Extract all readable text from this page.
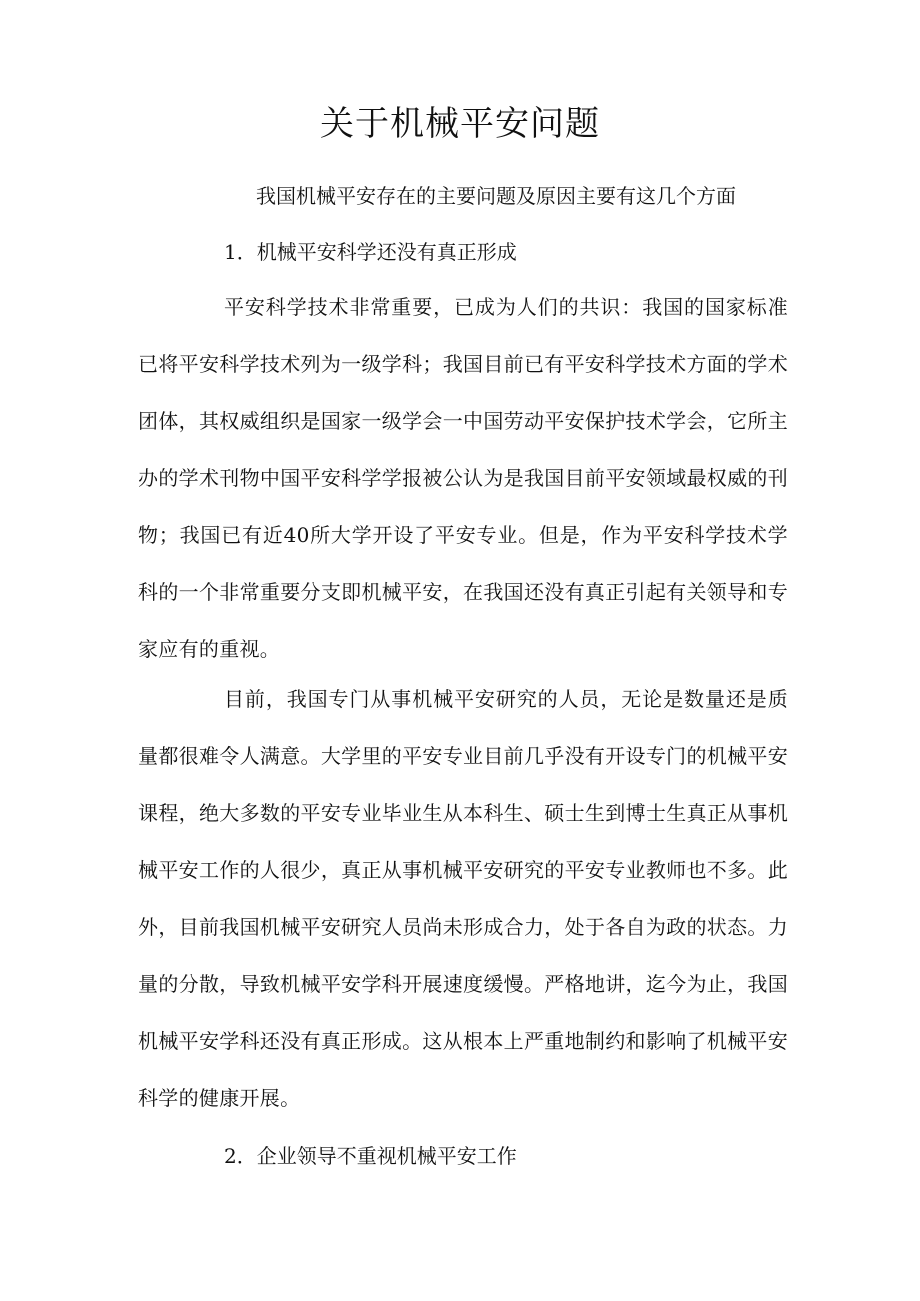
关于机械平安问题
我国机械平安存在的主要问题及原因主要有这几个方面
1．机械平安科学还没有真正形成
平安科学技术非常重要，已成为人们的共识：我国的国家标准已将平安科学技术列为一级学科；我国目前已有平安科学技术方面的学术团体，其权威组织是国家一级学会一中国劳动平安保护技术学会，它所主办的学术刊物中国平安科学学报被公认为是我国目前平安领域最权威的刊物；我国已有近40所大学开设了平安专业。但是，作为平安科学技术学科的一个非常重要分支即机械平安，在我国还没有真正引起有关领导和专家应有的重视。
目前，我国专门从事机械平安研究的人员，无论是数量还是质量都很难令人满意。大学里的平安专业目前几乎没有开设专门的机械平安课程，绝大多数的平安专业毕业生从本科生、硕士生到博士生真正从事机械平安工作的人很少，真正从事机械平安研究的平安专业教师也不多。此外，目前我国机械平安研究人员尚未形成合力，处于各自为政的状态。力量的分散，导致机械平安学科开展速度缓慢。严格地讲，迄今为止，我国机械平安学科还没有真正形成。这从根本上严重地制约和影响了机械平安科学的健康开展。
2．企业领导不重视机械平安工作
